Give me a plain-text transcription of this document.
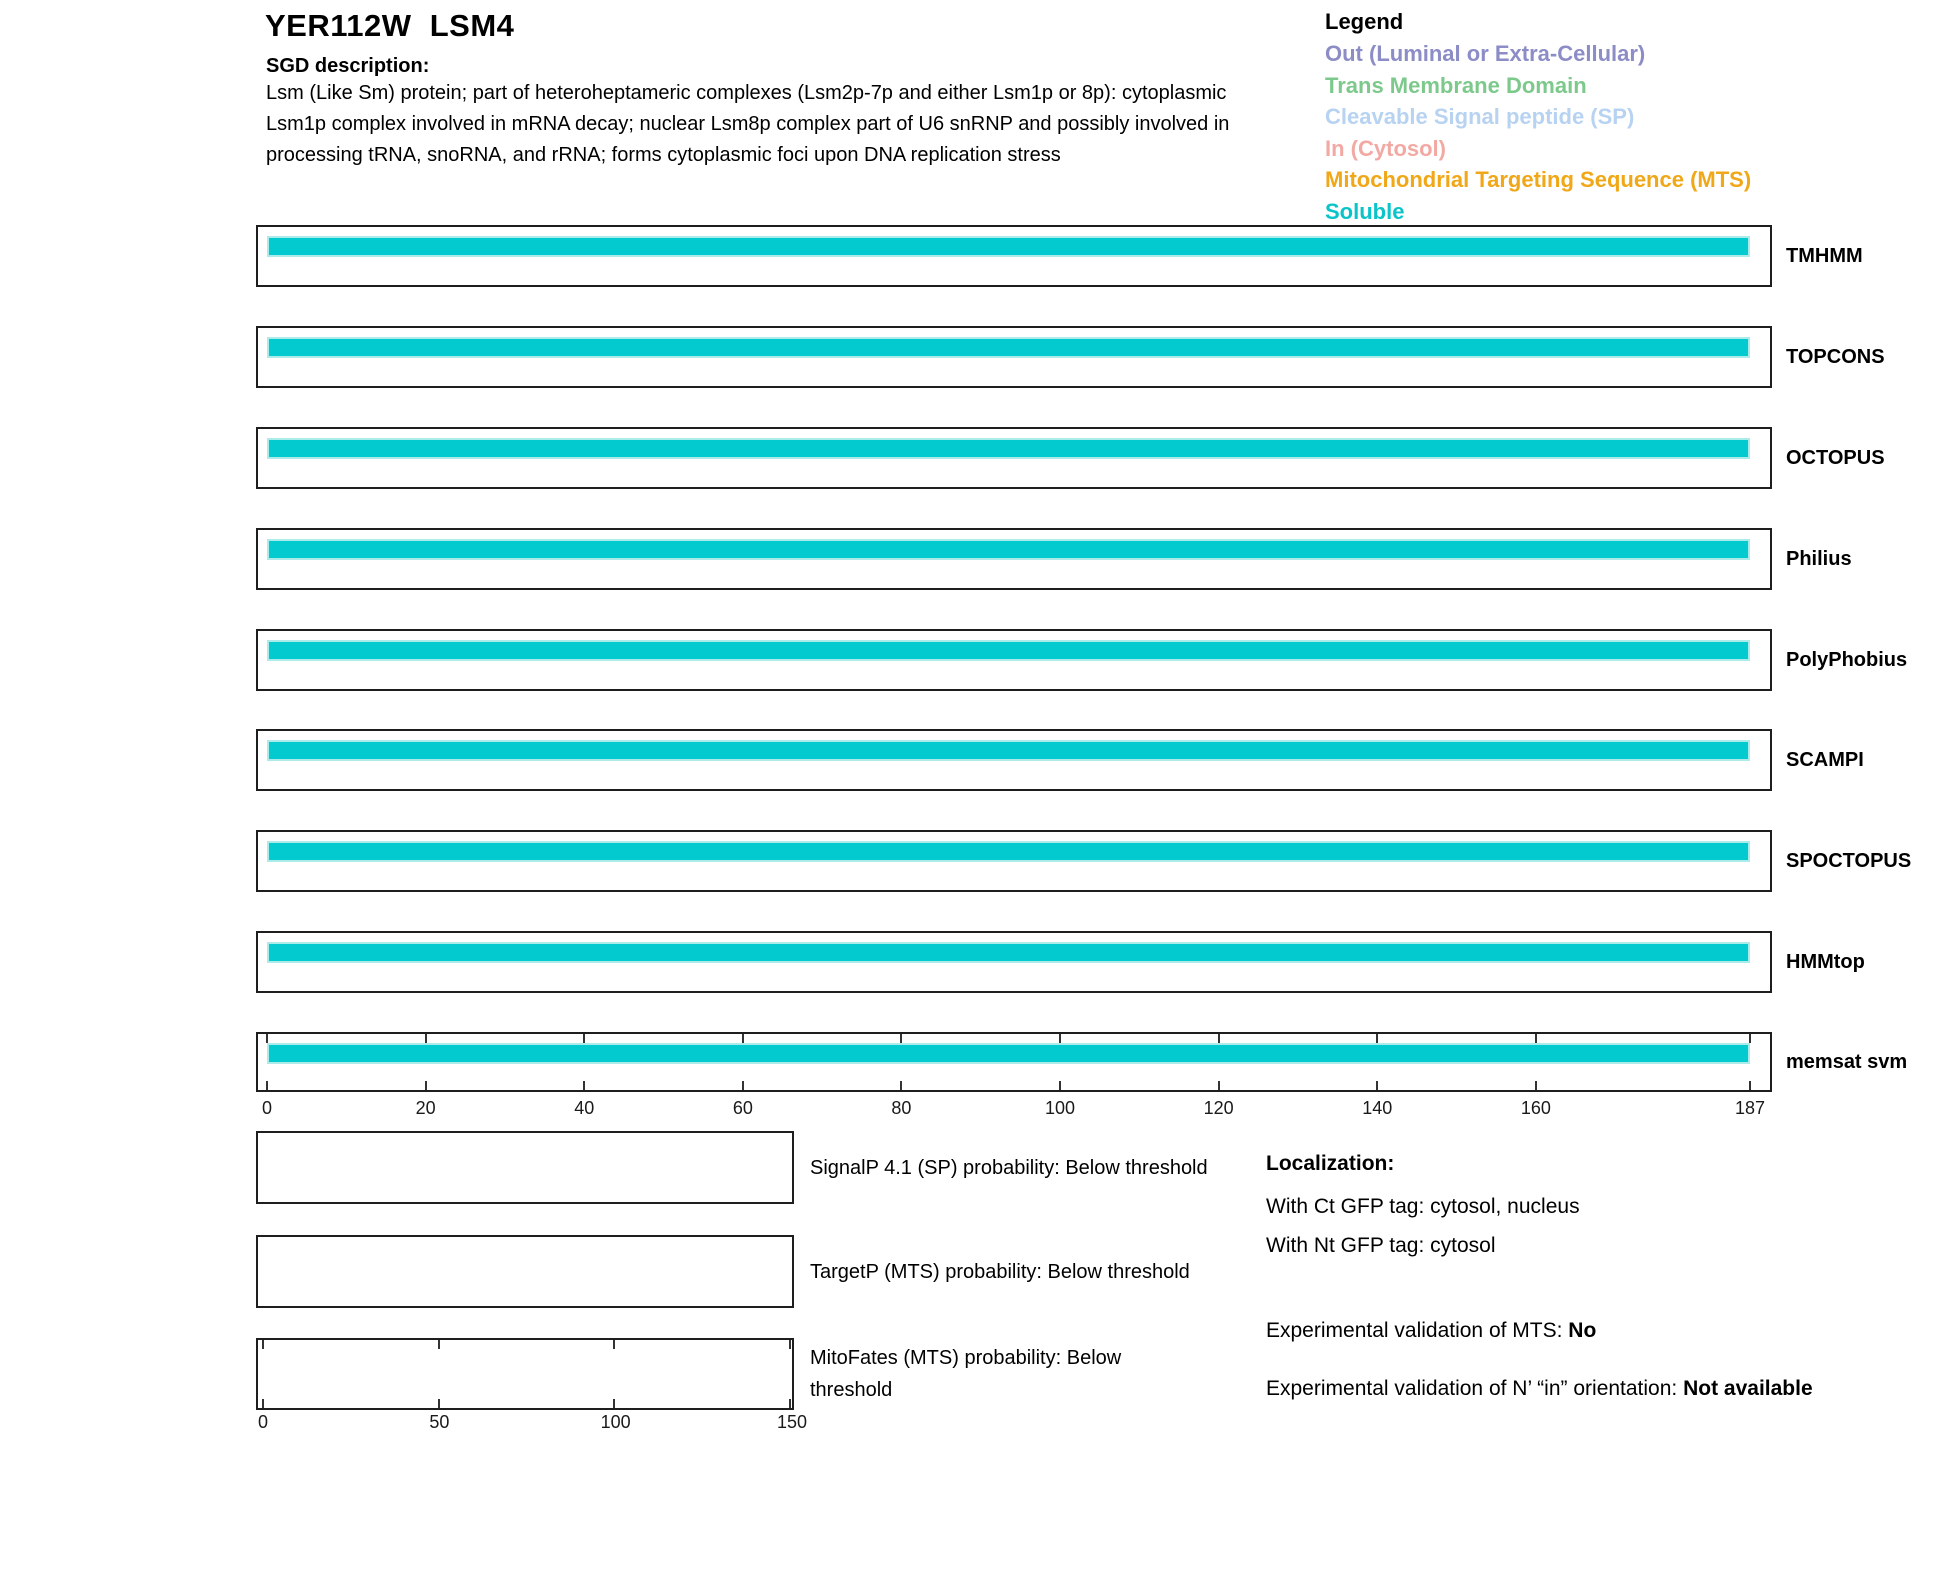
YER112W  LSM4
SGD description:
Lsm (Like Sm) protein; part of heteroheptameric complexes (Lsm2p-7p and either Lsm1p or 8p): cytoplasmic Lsm1p complex involved in mRNA decay; nuclear Lsm8p complex part of U6 snRNP and possibly involved in processing tRNA, snoRNA, and rRNA; forms cytoplasmic foci upon DNA replication stress
Legend
Out (Luminal or Extra-Cellular)
Trans Membrane Domain
Cleavable Signal peptide (SP)
In (Cytosol)
Mitochondrial Targeting Sequence (MTS)
Soluble
TMHMM
TOPCONS
OCTOPUS
Philius
PolyPhobius
SCAMPI
SPOCTOPUS
HMMtop
memsat svm
0	20	40	60	80	100	120	140	160	187
SignalP 4.1 (SP) probability: Below threshold
TargetP (MTS) probability: Below threshold
MitoFates (MTS) probability: Below threshold
0	50	100	150
Localization:
With Ct GFP tag: cytosol, nucleus
With Nt GFP tag: cytosol
Experimental validation of MTS: No
Experimental validation of N’ “in” orientation: Not available
